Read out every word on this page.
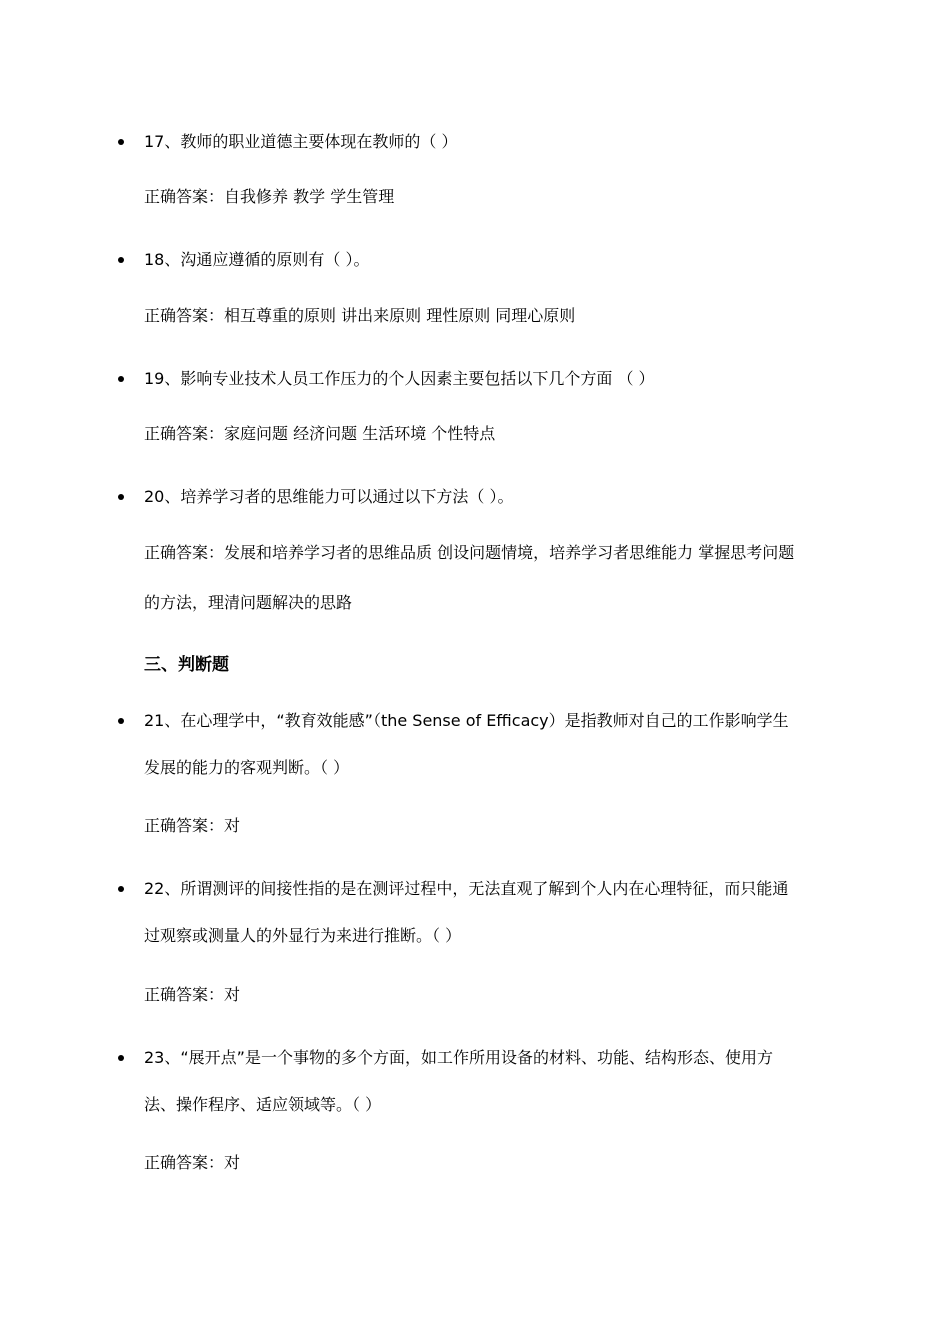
17、教师的职业道德主要体现在教师的（ ）
正确答案：自我修养 教学 学生管理
18、沟通应遵循的原则有（ ）。
正确答案：相互尊重的原则 讲出来原则 理性原则 同理心原则
19、影响专业技术人员工作压力的个人因素主要包括以下几个方面 （ ）
正确答案：家庭问题 经济问题 生活环境 个性特点
20、培养学习者的思维能力可以通过以下方法（ ）。
正确答案：发展和培养学习者的思维品质 创设问题情境，培养学习者思维能力 掌握思考问题的方法，理清问题解决的思路
三、判断题
21、在心理学中，“教育效能感”（the Sense of Efficacy）是指教师对自己的工作影响学生发展的能力的客观判断。（ ）
正确答案：对
22、所谓测评的间接性指的是在测评过程中，无法直观了解到个人内在心理特征，而只能通过观察或测量人的外显行为来进行推断。（ ）
正确答案：对
23、“展开点”是一个事物的多个方面，如工作所用设备的材料、功能、结构形态、使用方法、操作程序、适应领域等。（ ）
正确答案：对
